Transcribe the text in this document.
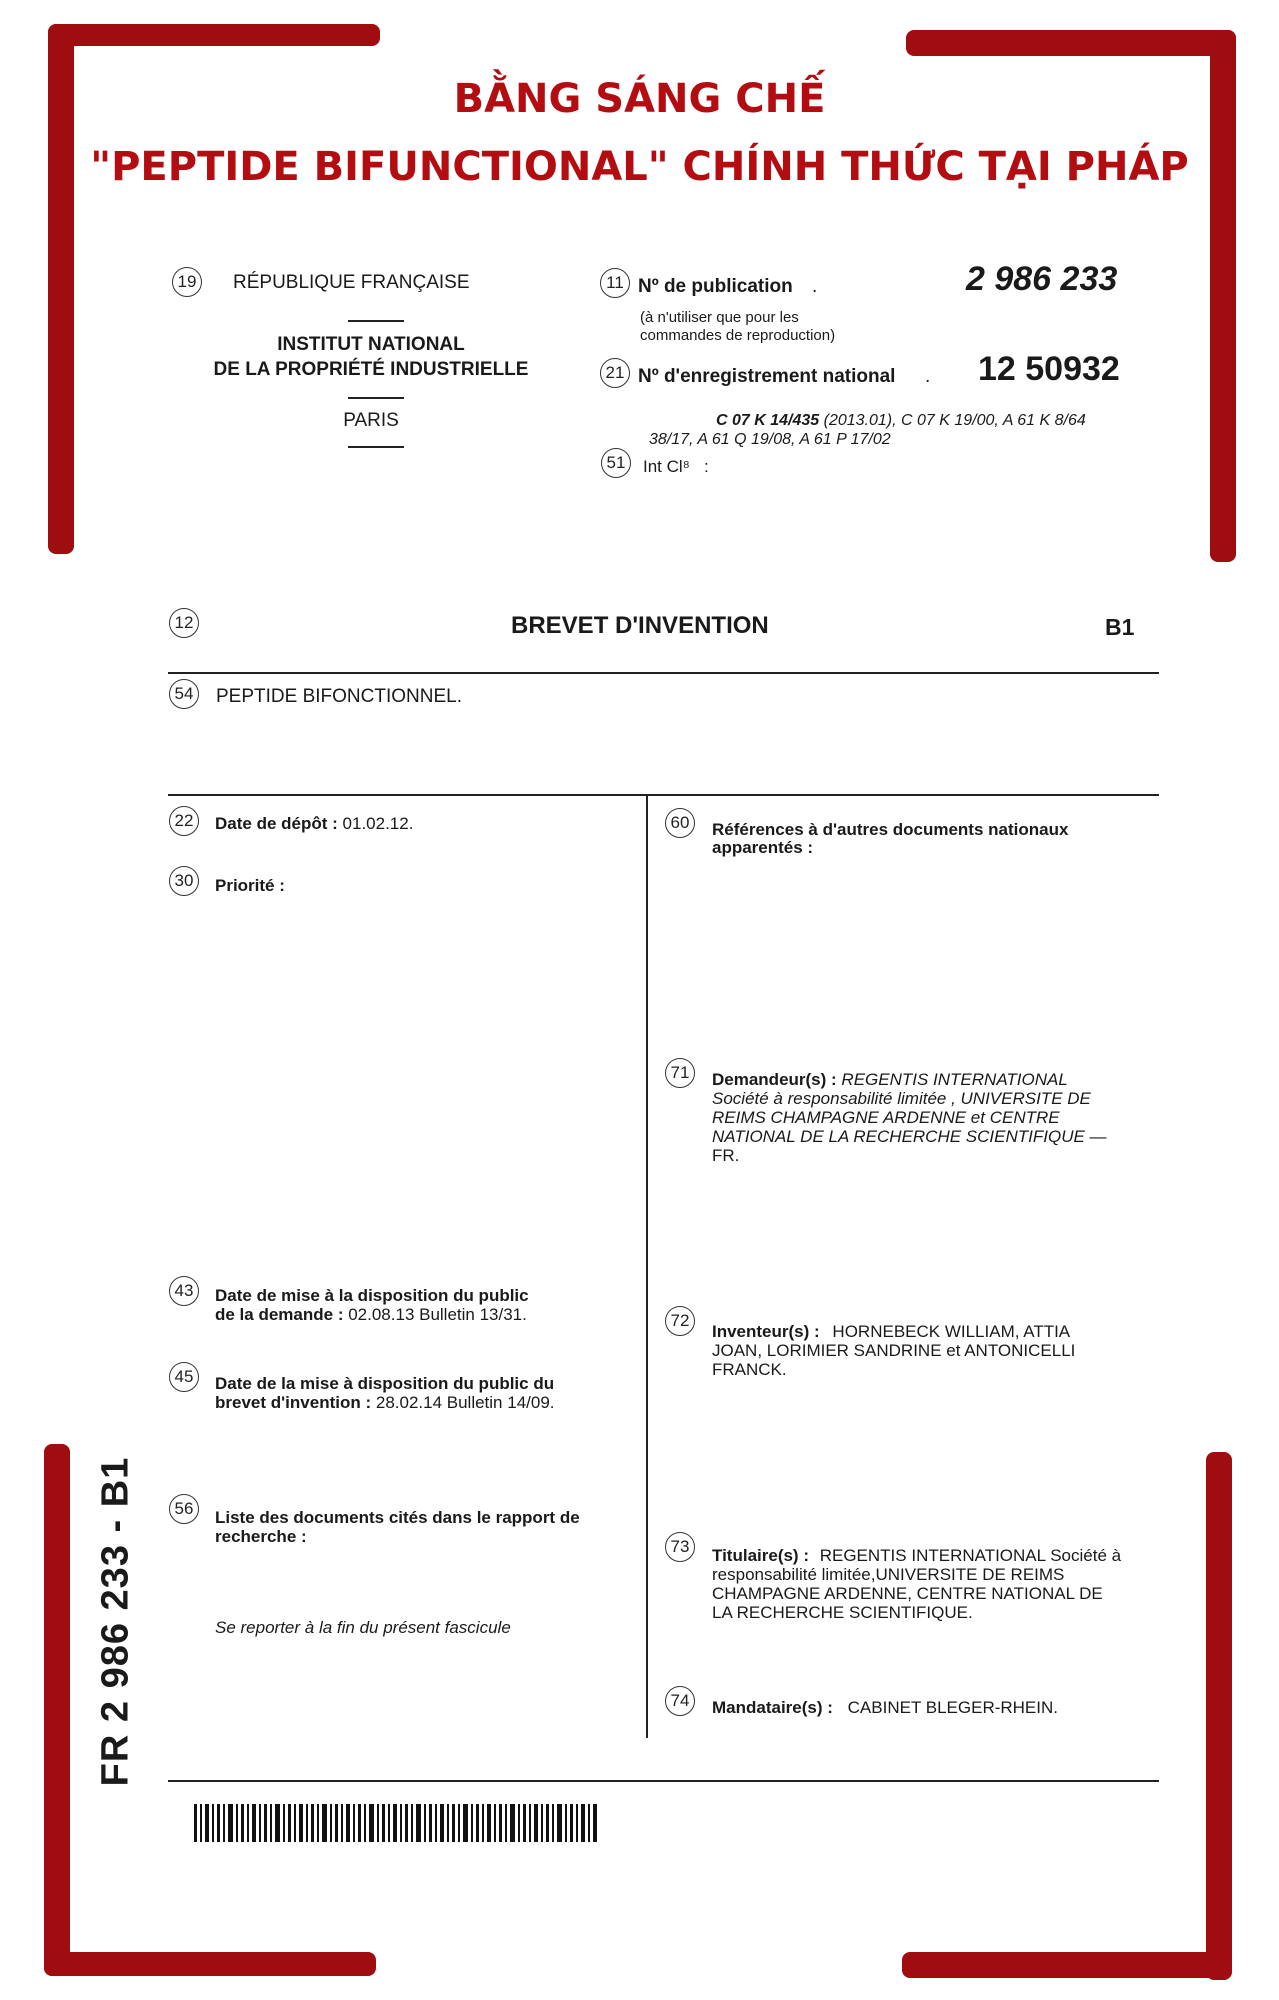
BẰNG SÁNG CHẾ
"PEPTIDE BIFUNCTIONAL" CHÍNH THỨC TẠI PHÁP
19 RÉPUBLIQUE FRANÇAISE
INSTITUT NATIONAL
DE LA PROPRIÉTÉ INDUSTRIELLE
PARIS
11 Nº de publication .	2 986 233
(à n'utiliser que pour les
commandes de reproduction)
21 Nº d'enregistrement national . 12 50932
C 07 K 14/435 (2013.01), C 07 K 19/00, A 61 K 8/64
38/17, A 61 Q 19/08, A 61 P 17/02
51	Int Cl⁸ :
12	BREVET D'INVENTION	B1
54 PEPTIDE BIFONCTIONNEL.
22	Date de dépôt : 01.02.12.
30	Priorité :
43	Date de mise à la disposition du public
de la demande : 02.08.13 Bulletin 13/31.
45	Date de la mise à disposition du public du
brevet d'invention : 28.02.14 Bulletin 14/09.
56	Liste des documents cités dans le rapport de
recherche :
Se reporter à la fin du présent fascicule
60	Références à d'autres documents nationaux
apparentés :
71	Demandeur(s) : REGENTIS INTERNATIONAL
Société à responsabilité limitée , UNIVERSITE DE
REIMS CHAMPAGNE ARDENNE et CENTRE
NATIONAL DE LA RECHERCHE SCIENTIFIQUE —
FR.
72
Inventeur(s) : HORNEBECK WILLIAM, ATTIA
JOAN, LORIMIER SANDRINE et ANTONICELLI
FRANCK.
73	Titulaire(s) : REGENTIS INTERNATIONAL Société à
responsabilité limitée,UNIVERSITE DE REIMS
CHAMPAGNE ARDENNE, CENTRE NATIONAL DE
LA RECHERCHE SCIENTIFIQUE.
74	Mandataire(s) : CABINET BLEGER-RHEIN.
FR 2 986 233 - B1
